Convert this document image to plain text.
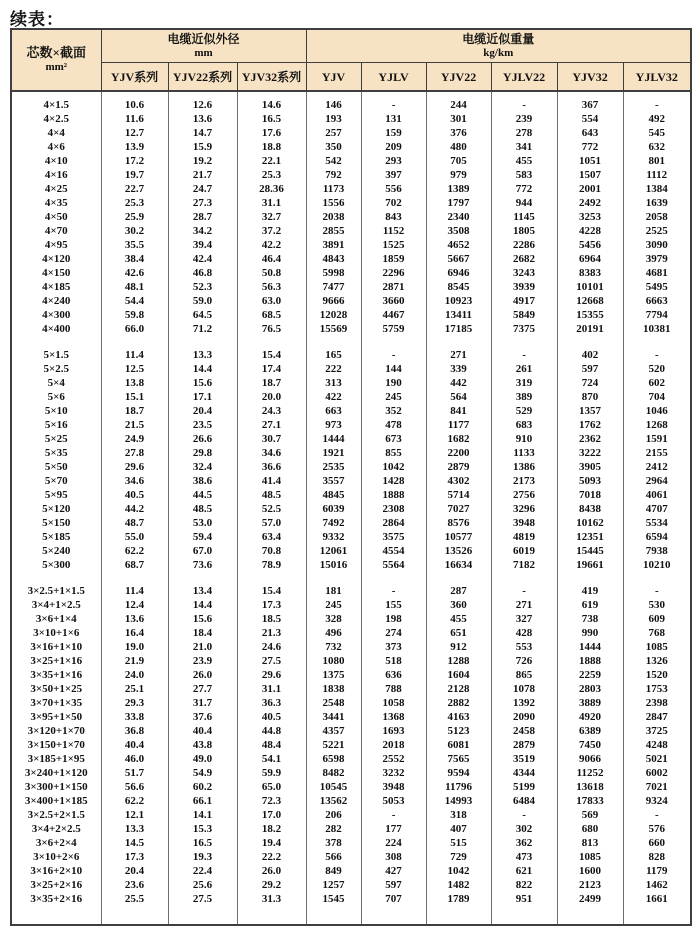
续表：
芯数×截面
mm²	电缆近似外径
mm			电缆近似重量
kg/km					

	YJV系列	YJV22系列	YJV32系列	YJV	YJLV	YJV22	YJLV22	YJV32	YJLV32

4×1.5	10.6	12.6	14.6	146	-	244	-	367	-
4×2.5	11.6	13.6	16.5	193	131	301	239	554	492
4×4	12.7	14.7	17.6	257	159	376	278	643	545
4×6	13.9	15.9	18.8	350	209	480	341	772	632
4×10	17.2	19.2	22.1	542	293	705	455	1051	801
4×16	19.7	21.7	25.3	792	397	979	583	1507	1112
4×25	22.7	24.7	28.36	1173	556	1389	772	2001	1384
4×35	25.3	27.3	31.1	1556	702	1797	944	2492	1639
4×50	25.9	28.7	32.7	2038	843	2340	1145	3253	2058
4×70	30.2	34.2	37.2	2855	1152	3508	1805	4228	2525
4×95	35.5	39.4	42.2	3891	1525	4652	2286	5456	3090
4×120	38.4	42.4	46.4	4843	1859	5667	2682	6964	3979
4×150	42.6	46.8	50.8	5998	2296	6946	3243	8383	4681
4×185	48.1	52.3	56.3	7477	2871	8545	3939	10101	5495
4×240	54.4	59.0	63.0	9666	3660	10923	4917	12668	6663
4×300	59.8	64.5	68.5	12028	4467	13411	5849	15355	7794
4×400	66.0	71.2	76.5	15569	5759	17185	7375	20191	10381

5×1.5	11.4	13.3	15.4	165	-	271	-	402	-
5×2.5	12.5	14.4	17.4	222	144	339	261	597	520
5×4	13.8	15.6	18.7	313	190	442	319	724	602
5×6	15.1	17.1	20.0	422	245	564	389	870	704
5×10	18.7	20.4	24.3	663	352	841	529	1357	1046
5×16	21.5	23.5	27.1	973	478	1177	683	1762	1268
5×25	24.9	26.6	30.7	1444	673	1682	910	2362	1591
5×35	27.8	29.8	34.6	1921	855	2200	1133	3222	2155
5×50	29.6	32.4	36.6	2535	1042	2879	1386	3905	2412
5×70	34.6	38.6	41.4	3557	1428	4302	2173	5093	2964
5×95	40.5	44.5	48.5	4845	1888	5714	2756	7018	4061
5×120	44.2	48.5	52.5	6039	2308	7027	3296	8438	4707
5×150	48.7	53.0	57.0	7492	2864	8576	3948	10162	5534
5×185	55.0	59.4	63.4	9332	3575	10577	4819	12351	6594
5×240	62.2	67.0	70.8	12061	4554	13526	6019	15445	7938
5×300	68.7	73.6	78.9	15016	5564	16634	7182	19661	10210

3×2.5+1×1.5	11.4	13.4	15.4	181	-	287	-	419	-
3×4+1×2.5	12.4	14.4	17.3	245	155	360	271	619	530
3×6+1×4	13.6	15.6	18.5	328	198	455	327	738	609
3×10+1×6	16.4	18.4	21.3	496	274	651	428	990	768
3×16+1×10	19.0	21.0	24.6	732	373	912	553	1444	1085
3×25+1×16	21.9	23.9	27.5	1080	518	1288	726	1888	1326
3×35+1×16	24.0	26.0	29.6	1375	636	1604	865	2259	1520
3×50+1×25	25.1	27.7	31.1	1838	788	2128	1078	2803	1753
3×70+1×35	29.3	31.7	36.3	2548	1058	2882	1392	3889	2398
3×95+1×50	33.8	37.6	40.5	3441	1368	4163	2090	4920	2847
3×120+1×70	36.8	40.4	44.8	4357	1693	5123	2458	6389	3725
3×150+1×70	40.4	43.8	48.4	5221	2018	6081	2879	7450	4248
3×185+1×95	46.0	49.0	54.1	6598	2552	7565	3519	9066	5021
3×240+1×120	51.7	54.9	59.9	8482	3232	9594	4344	11252	6002
3×300+1×150	56.6	60.2	65.0	10545	3948	11796	5199	13618	7021
3×400+1×185	62.2	66.1	72.3	13562	5053	14993	6484	17833	9324
3×2.5+2×1.5	12.1	14.1	17.0	206	-	318	-	569	-
3×4+2×2.5	13.3	15.3	18.2	282	177	407	302	680	576
3×6+2×4	14.5	16.5	19.4	378	224	515	362	813	660
3×10+2×6	17.3	19.3	22.2	566	308	729	473	1085	828
3×16+2×10	20.4	22.4	26.0	849	427	1042	621	1600	1179
3×25+2×16	23.6	25.6	29.2	1257	597	1482	822	2123	1462
3×35+2×16	25.5	27.5	31.3	1545	707	1789	951	2499	1661
